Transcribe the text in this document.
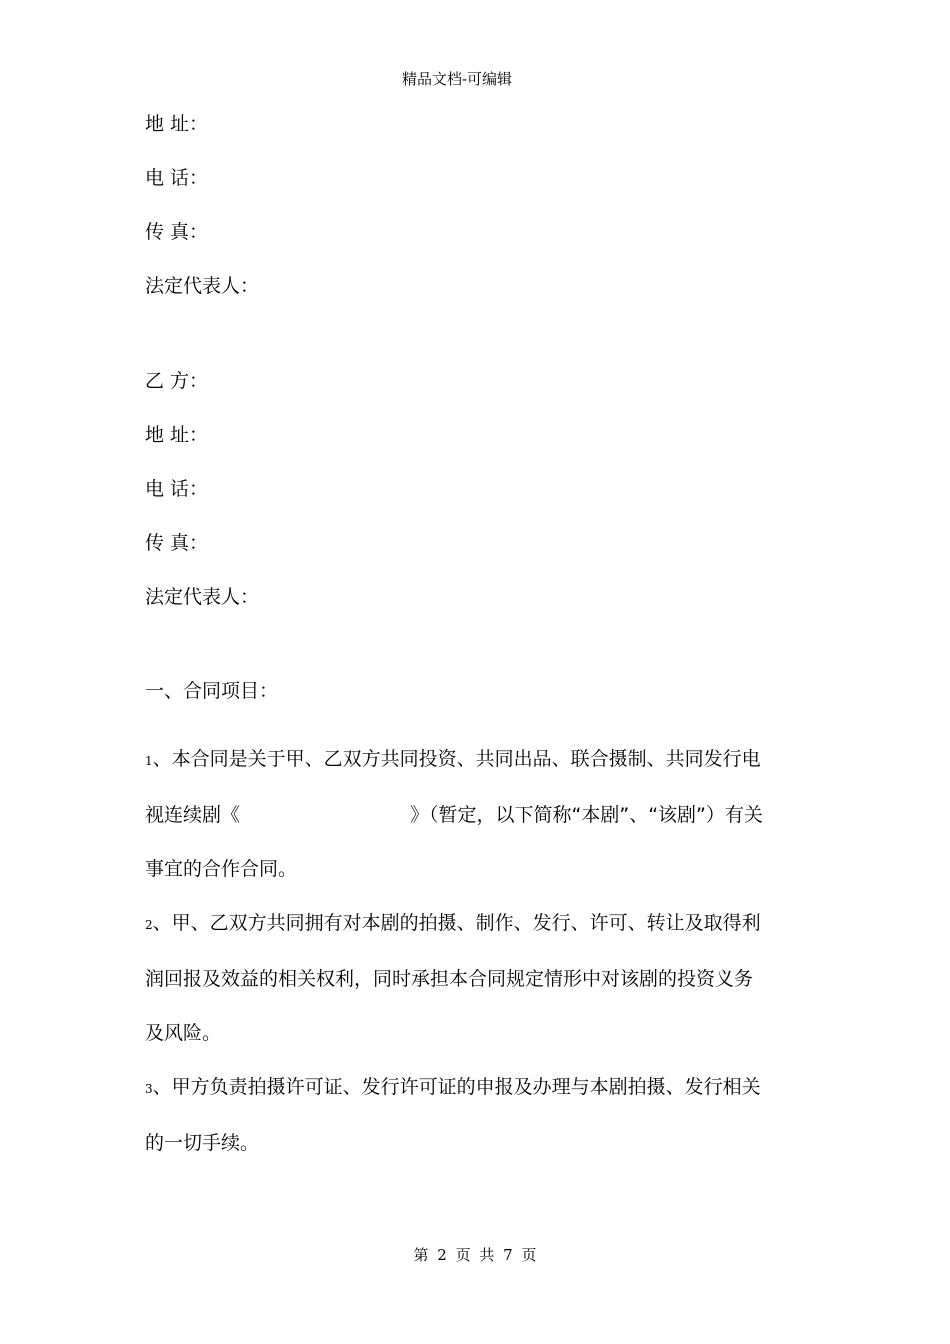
精品文档-可编辑
地 址：
电 话：
传 真：
法定代表人：
乙 方：
地 址：
电 话：
传 真：
法定代表人：
一、合同项目：
1、本合同是关于甲、乙双方共同投资、共同出品、联合摄制、共同发行电
视连续剧《	》（暂定，以下简称“本剧”、“该剧”）有关
事宜的合作合同。
2、甲、乙双方共同拥有对本剧的拍摄、制作、发行、许可、转让及取得利
润回报及效益的相关权利，同时承担本合同规定情形中对该剧的投资义务
及风险。
3、甲方负责拍摄许可证、发行许可证的申报及办理与本剧拍摄、发行相关
的一切手续。
第 2 页 共 7 页
